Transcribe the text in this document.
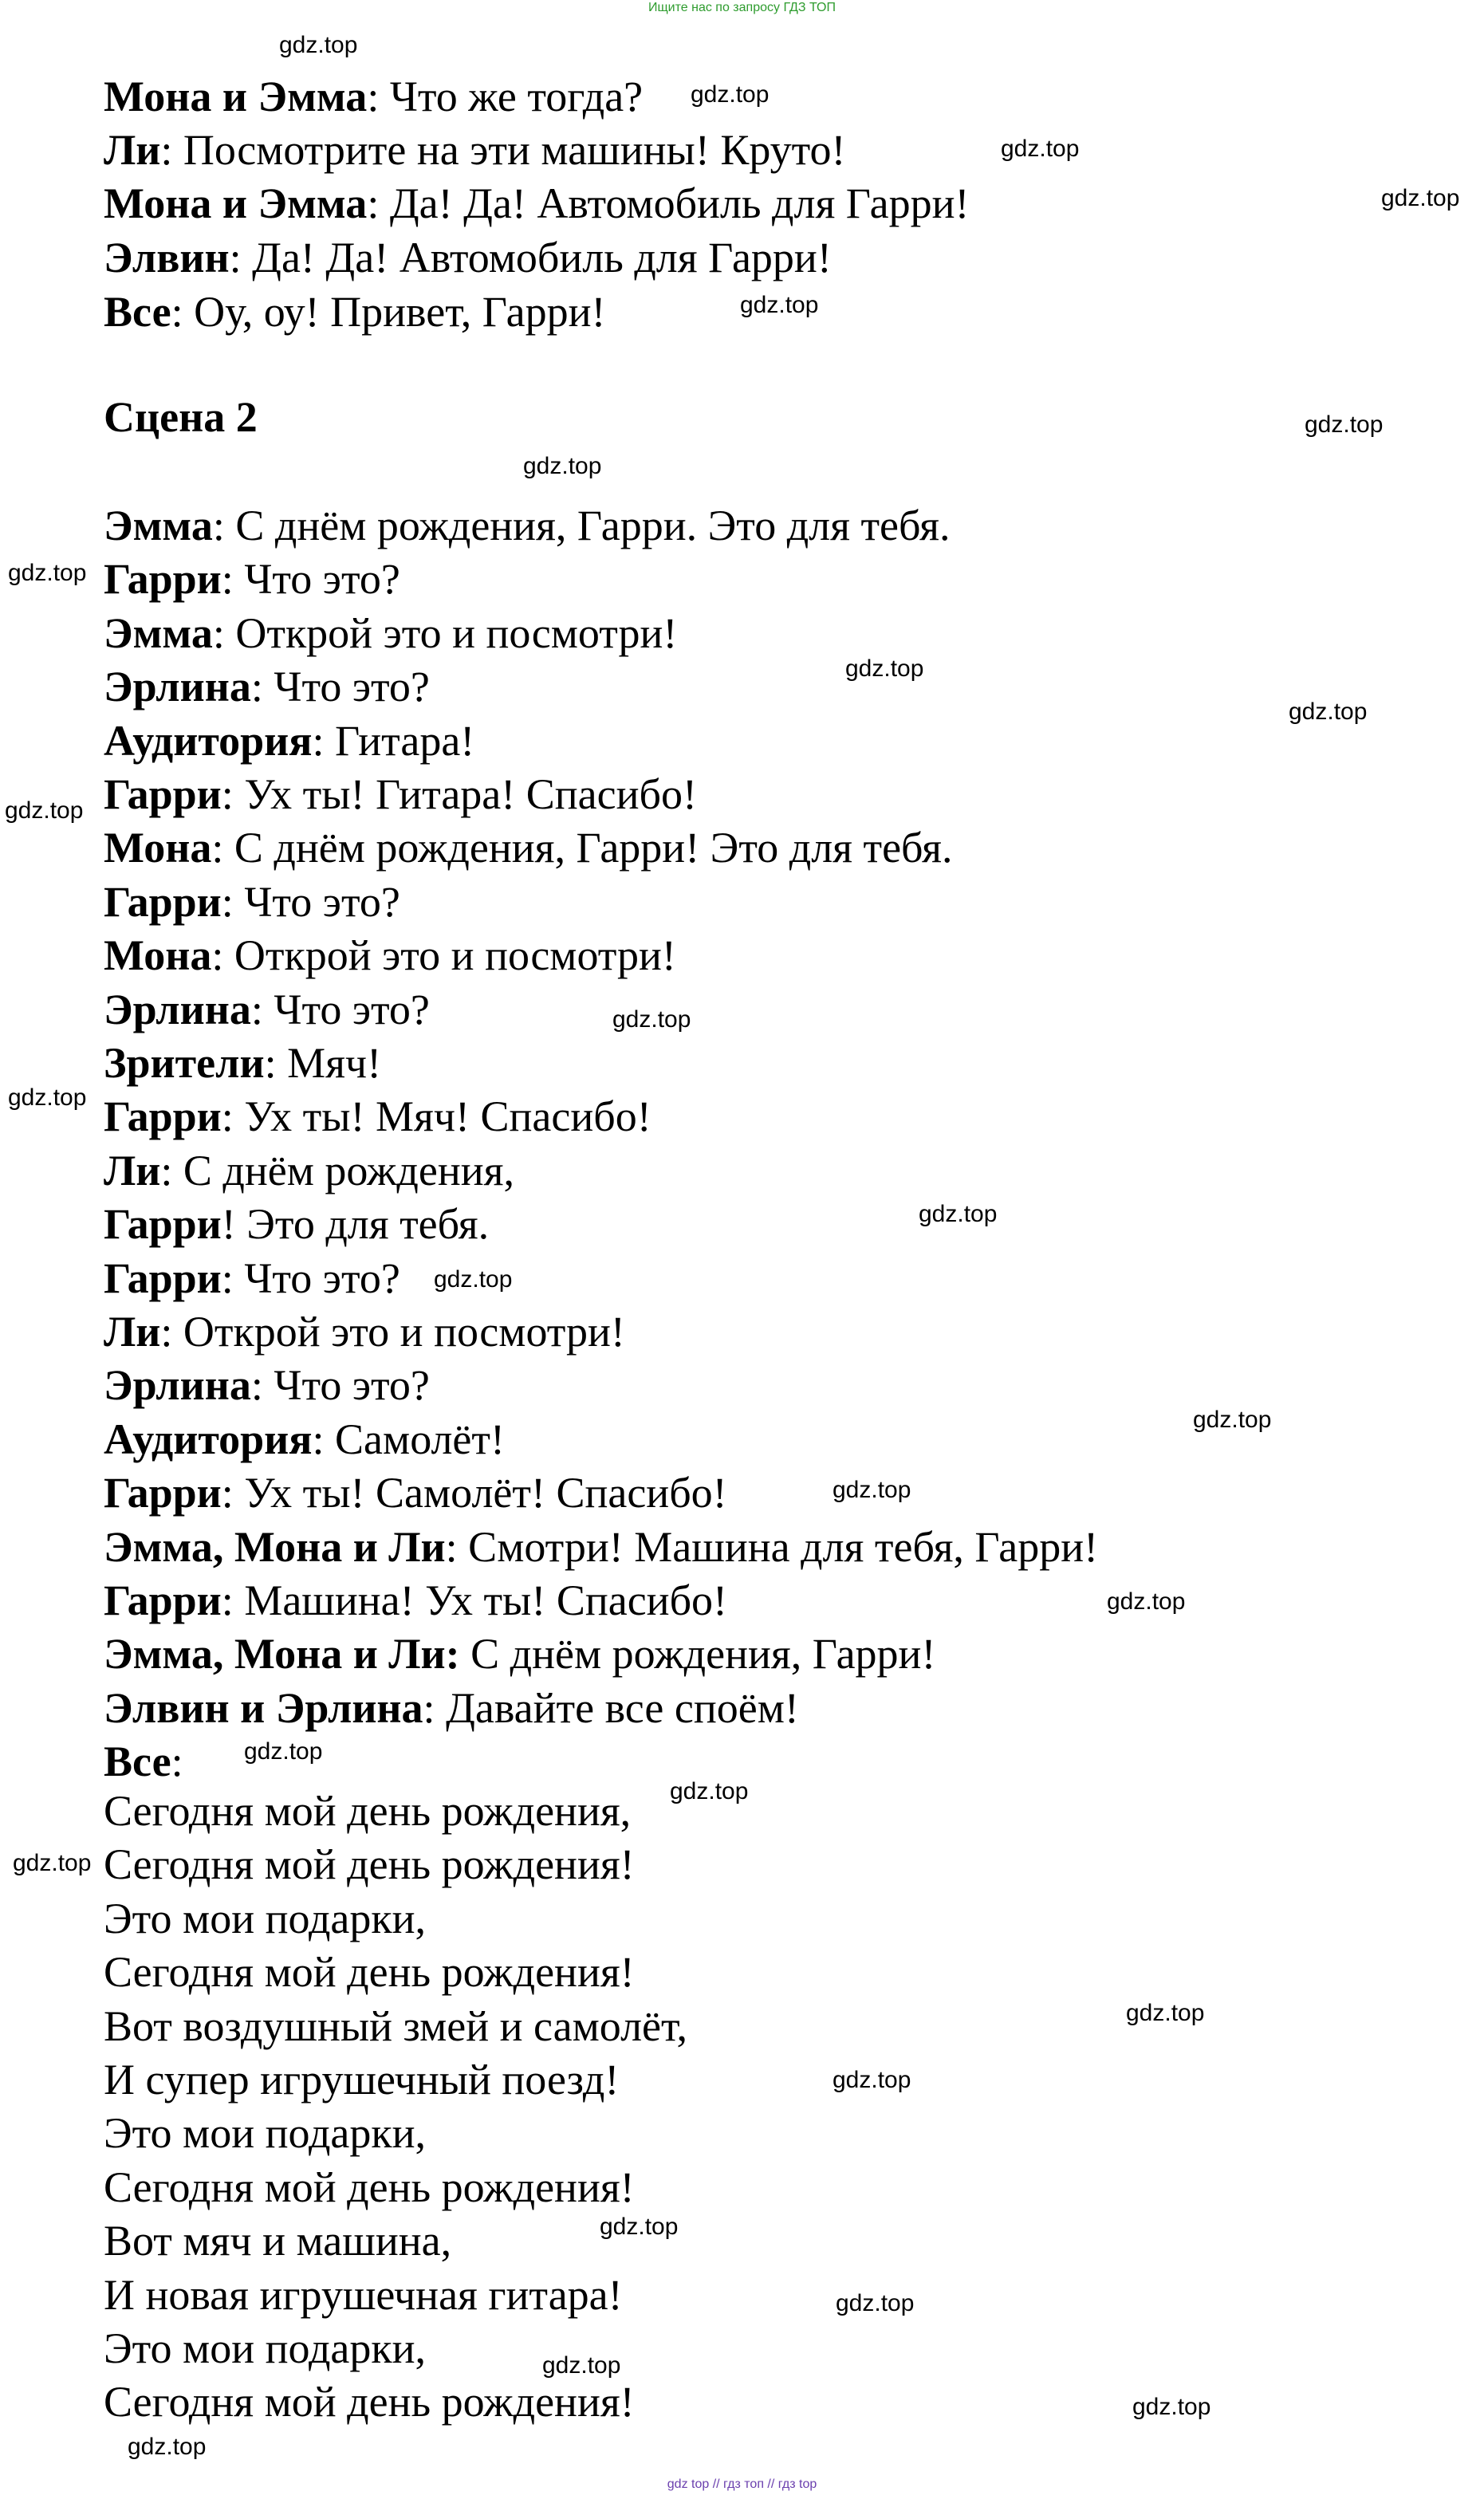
Ищите нас по запросу ГДЗ ТОП
Мона и Эмма: Что же тогда?
Ли: Посмотрите на эти машины! Круто!
Мона и Эмма: Да! Да! Автомобиль для Гарри!
Элвин: Да! Да! Автомобиль для Гарри!
Все: Оу, оу! Привет, Гарри!
Сцена 2
Эмма: С днём рождения, Гарри. Это для тебя.
Гарри: Что это?
Эмма: Открой это и посмотри!
Эрлина: Что это?
Аудитория: Гитара!
Гарри: Ух ты! Гитара! Спасибо!
Мона: С днём рождения, Гарри! Это для тебя.
Гарри: Что это?
Мона: Открой это и посмотри!
Эрлина: Что это?
Зрители: Мяч!
Гарри: Ух ты! Мяч! Спасибо!
Ли: С днём рождения,
Гарри! Это для тебя.
Гарри: Что это?
Ли: Открой это и посмотри!
Эрлина: Что это?
Аудитория: Самолёт!
Гарри: Ух ты! Самолёт! Спасибо!
Эмма, Мона и Ли: Смотри! Машина для тебя, Гарри!
Гарри: Машина! Ух ты! Спасибо!
Эмма, Мона и Ли: С днём рождения, Гарри!
Элвин и Эрлина: Давайте все споём!
Все:
Сегодня мой день рождения,
Сегодня мой день рождения!
Это мои подарки,
Сегодня мой день рождения!
Вот воздушный змей и самолёт,
И супер игрушечный поезд!
Это мои подарки,
Сегодня мой день рождения!
Вот мяч и машина,
И новая игрушечная гитара!
Это мои подарки,
Сегодня мой день рождения!
gdz.top
gdz.top
gdz.top
gdz.top
gdz.top
gdz.top
gdz.top
gdz.top
gdz.top
gdz.top
gdz.top
gdz.top
gdz.top
gdz.top
gdz.top
gdz.top
gdz.top
gdz.top
gdz.top
gdz.top
gdz.top
gdz.top
gdz.top
gdz.top
gdz.top
gdz.top
gdz.top
gdz.top
gdz top // гдз топ // гдз top
